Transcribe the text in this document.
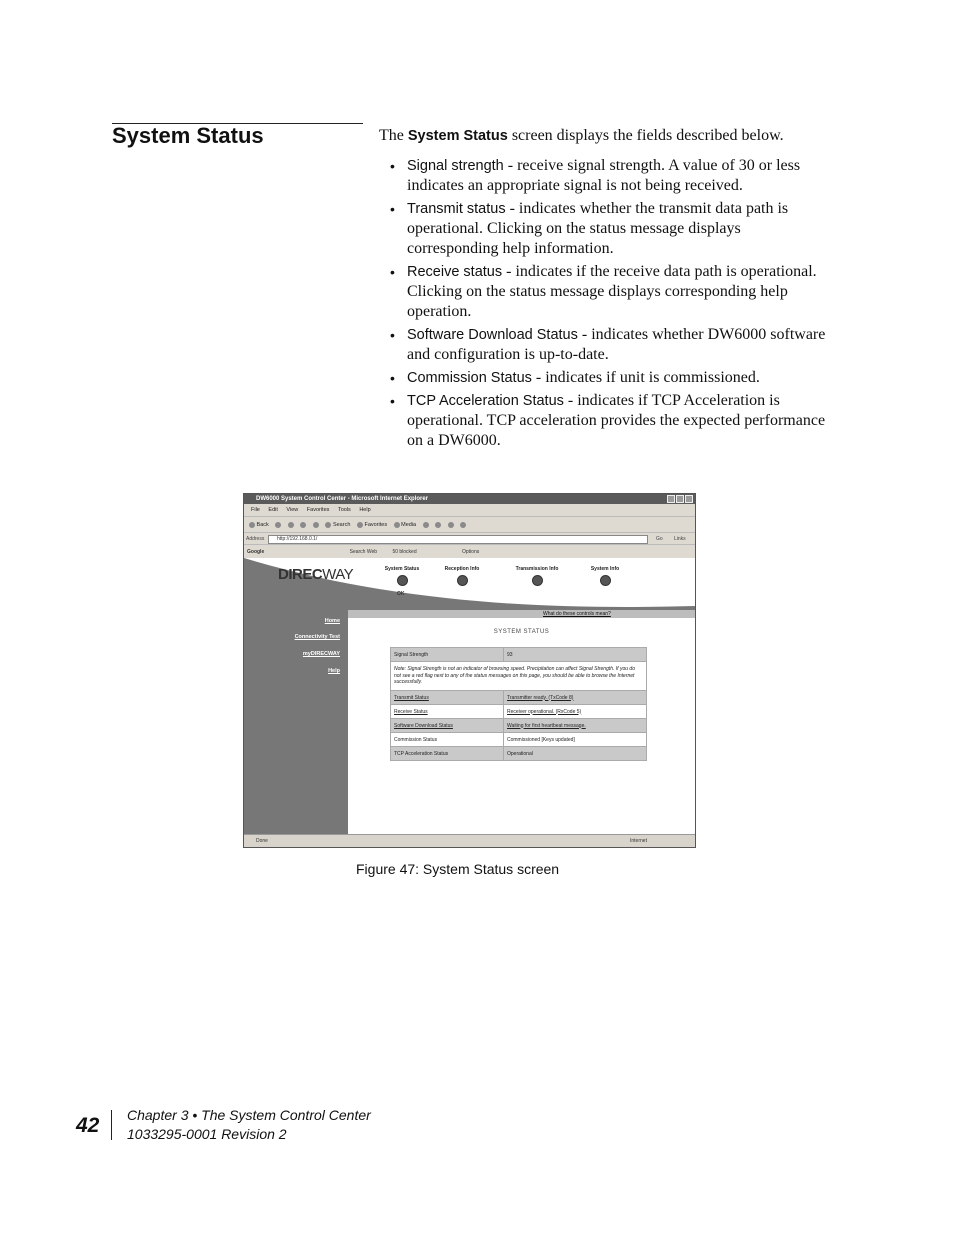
System Status	The System Status screen displays the fields described below.
• Signal strength - receive signal strength. A value of 30 or less indicates an appropriate signal is not being received.
• Transmit status - indicates whether the transmit data path is operational. Clicking on the status message displays corresponding help information.
• Receive status - indicates if the receive data path is operational. Clicking on the status message displays corresponding help operation.
• Software Download Status - indicates whether DW6000 software and configuration is up-to-date.
• Commission Status - indicates if unit is commissioned.
• TCP Acceleration Status - indicates if TCP Acceleration is operational. TCP acceleration provides the expected performance on a DW6000.
DW6000 System Control Center - Microsoft Internet Explorer
File Edit View Favorites Tools Help
Back	Search	Favorites	Media
Address	http://192.168.0.1/	Go Links
Google	Search Web	50 blocked	Options
DIRECWAY	System Status	Reception Info	Transmission Info	System Info
OK
Home
Connectivity Test
myDIRECWAY
Help
What do these controls mean?
SYSTEM STATUS
Signal Strength	93
Note: Signal Strength is not an indicator of browsing speed. Precipitation can affect Signal Strength. If you do not see a red flag next to any of the status messages on this page, you should be able to browse the Internet successfully.	
Transmit Status	Transmitter ready. (TxCode 8)
Receive Status	Receiver operational. (RxCode 5)
Software Download Status	Waiting for first heartbeat message.
Commission Status	Commissioned [Keys updated]
TCP Acceleration Status	Operational
Done	Internet
Figure 47: System Status screen
42 Chapter 3 • The System Control Center
1033295-0001 Revision 2
